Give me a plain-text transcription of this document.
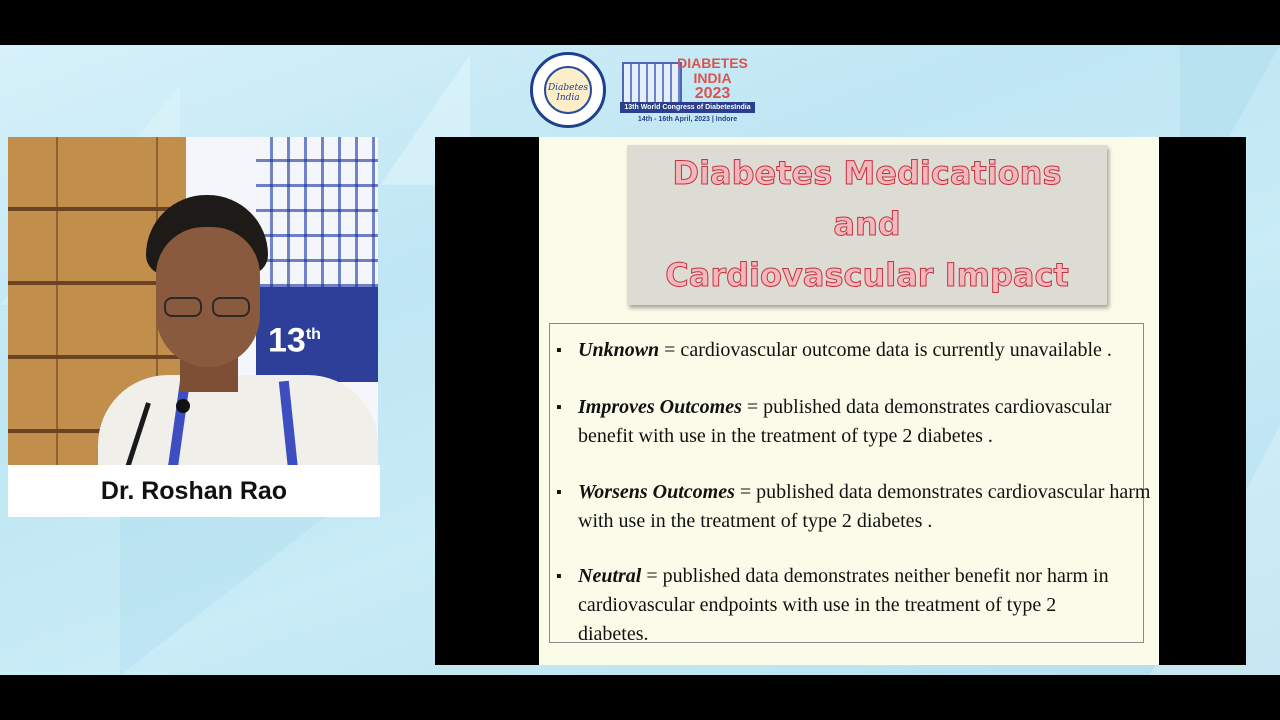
Diabetes India
DIABETES
INDIA
2023
13th World Congress of DiabetesIndia
14th - 16th April, 2023 | Indore
13th
Dr. Roshan Rao
Diabetes Medications
and
Cardiovascular Impact
▪ Unknown = cardiovascular outcome data is currently unavailable .
▪ Improves Outcomes = published data demonstrates cardiovascular benefit with use in the treatment of type 2 diabetes .
▪ Worsens Outcomes = published data demonstrates cardiovascular harm with use in the treatment of type 2 diabetes .
▪ Neutral = published data demonstrates neither benefit nor harm in cardiovascular endpoints with use in the treatment of type 2 diabetes.
